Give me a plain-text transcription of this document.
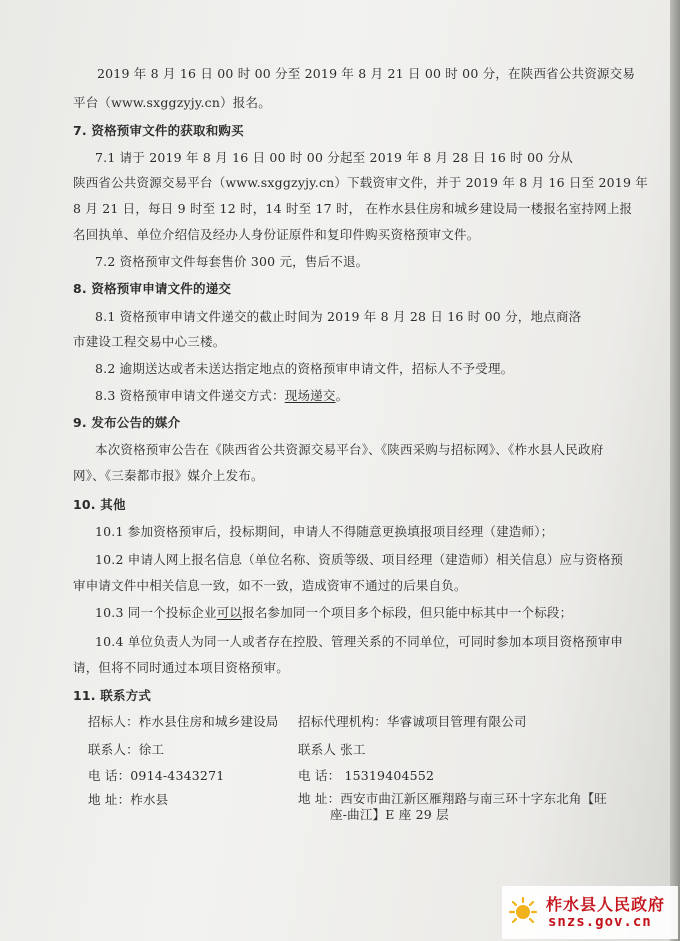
2019 年 8 月 16 日 00 时 00 分至 2019 年 8 月 21 日 00 时 00 分，在陕西省公共资源交易
平台（www.sxggzyjy.cn）报名。
7. 资格预审文件的获取和购买
7.1 请于 2019 年 8 月 16 日 00 时 00 分起至 2019 年 8 月 28 日 16 时 00 分从
陕西省公共资源交易平台（www.sxggzyjy.cn）下载资审文件，并于 2019 年 8 月 16 日至 2019 年
8 月 21 日，每日 9 时至 12 时，14 时至 17 时， 在柞水县住房和城乡建设局一楼报名室持网上报
名回执单、单位介绍信及经办人身份证原件和复印件购买资格预审文件。
7.2 资格预审文件每套售价 300 元，售后不退。
8. 资格预审申请文件的递交
8.1 资格预审申请文件递交的截止时间为 2019 年 8 月 28 日 16 时 00 分，地点商洛
市建设工程交易中心三楼。
8.2 逾期送达或者未送达指定地点的资格预审申请文件，招标人不予受理。
8.3 资格预审申请文件递交方式：现场递交。
9. 发布公告的媒介
本次资格预审公告在《陕西省公共资源交易平台》、《陕西采购与招标网》、《柞水县人民政府
网》、《三秦都市报》媒介上发布。
10. 其他
10.1 参加资格预审后，投标期间，申请人不得随意更换填报项目经理（建造师）；
10.2 申请人网上报名信息（单位名称、资质等级、项目经理（建造师）相关信息）应与资格预
审申请文件中相关信息一致，如不一致，造成资审不通过的后果自负。
10.3 同一个投标企业可以报名参加同一个项目多个标段，但只能中标其中一个标段；
10.4 单位负责人为同一人或者存在控股、管理关系的不同单位，可同时参加本项目资格预审申
请，但将不同时通过本项目资格预审。
11. 联系方式
招标人：柞水县住房和城乡建设局 招标代理机构：华睿诚项目管理有限公司
联系人：徐工	联系人 张工
电 话：0914-4343271	电 话： 15319404552
地 址：柞水县	地 址：西安市曲江新区雁翔路与南三环十字东北角【旺
座-曲江】E 座 29 层
柞水县人民政府
snzs.gov.cn
